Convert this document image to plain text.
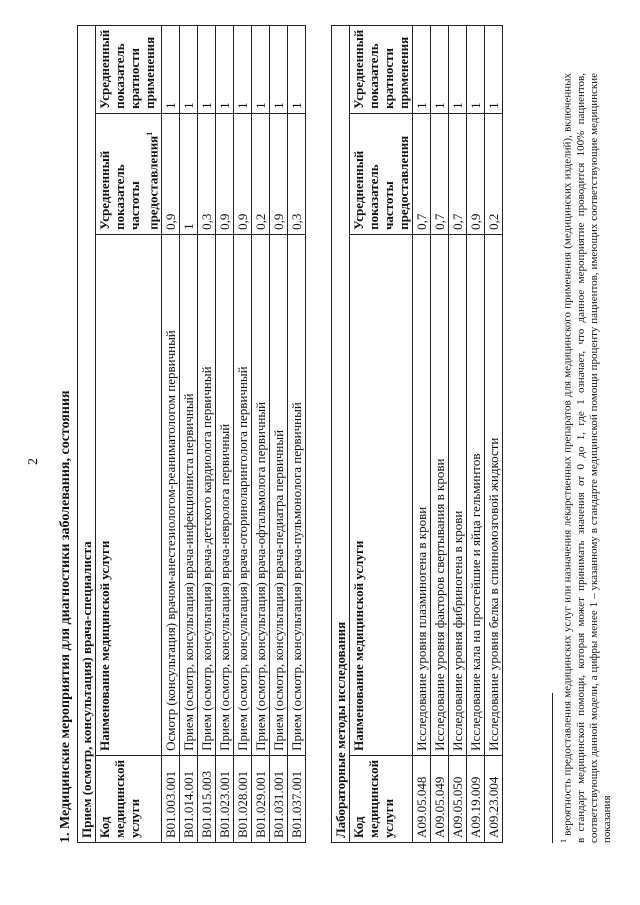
2 1. Медицинские мероприятия для диагностики заболевания, состояния Прием (осмотр, консультация) врача-специалиста			
Код медицинской услуги	Наименование медицинской услуги	Усредненный показатель частоты предоставления$^1$	Усредненный показатель кратности применения
B01.003.001	Осмотр (консультация) врачом-анестезиологом-реаниматологом первичный	0,9	1
B01.014.001	Прием (осмотр, консультация) врача-инфекциониста первичный	1	1
B01.015.003	Прием (осмотр, консультация) врача-детского кардиолога первичный	0,3	1
B01.023.001	Прием (осмотр, консультация) врача-невролога первичный	0,9	1
B01.028.001	Прием (осмотр, консультация) врача-оториноларинголога первичный	0,9	1
B01.029.001	Прием (осмотр, консультация) врача-офтальмолога первичный	0,2	1
B01.031.001	Прием (осмотр, консультация) врача-педиатра первичный	0,9	1
B01.037.001	Прием (осмотр, консультация) врача-пульмонолога первичный	0,3	1
Лабораторные методы исследования			
Код медицинской услуги	Наименование медицинской услуги	Усредненный показатель частоты предоставления	Усредненный показатель кратности применения
A09.05.048	Исследование уровня плазминогена в крови	0,7	1
A09.05.049	Исследование уровня факторов свертывания в крови	0,7	1
A09.05.050	Исследование уровня фибриногена в крови	0,7	1
A09.19.009	Исследование кала на простейшие и яйца гельминтов	0,9	1
A09.23.004	Исследование уровня белка в спинномозговой жидкости	0,2	1
$^1$ вероятность предоставления медицинских услуг или назначения лекарственных препаратов для медицинского применения (медицинских изделий), включенных в стандарт медицинской помощи, которая может принимать значения от 0 до 1, где 1 означает, что данное мероприятие проводится 100% пациентов, соответствующих данной модели, а цифры менее 1 – указанному в стандарте медицинской помощи проценту пациентов, имеющих соответствующие медицинские показания
